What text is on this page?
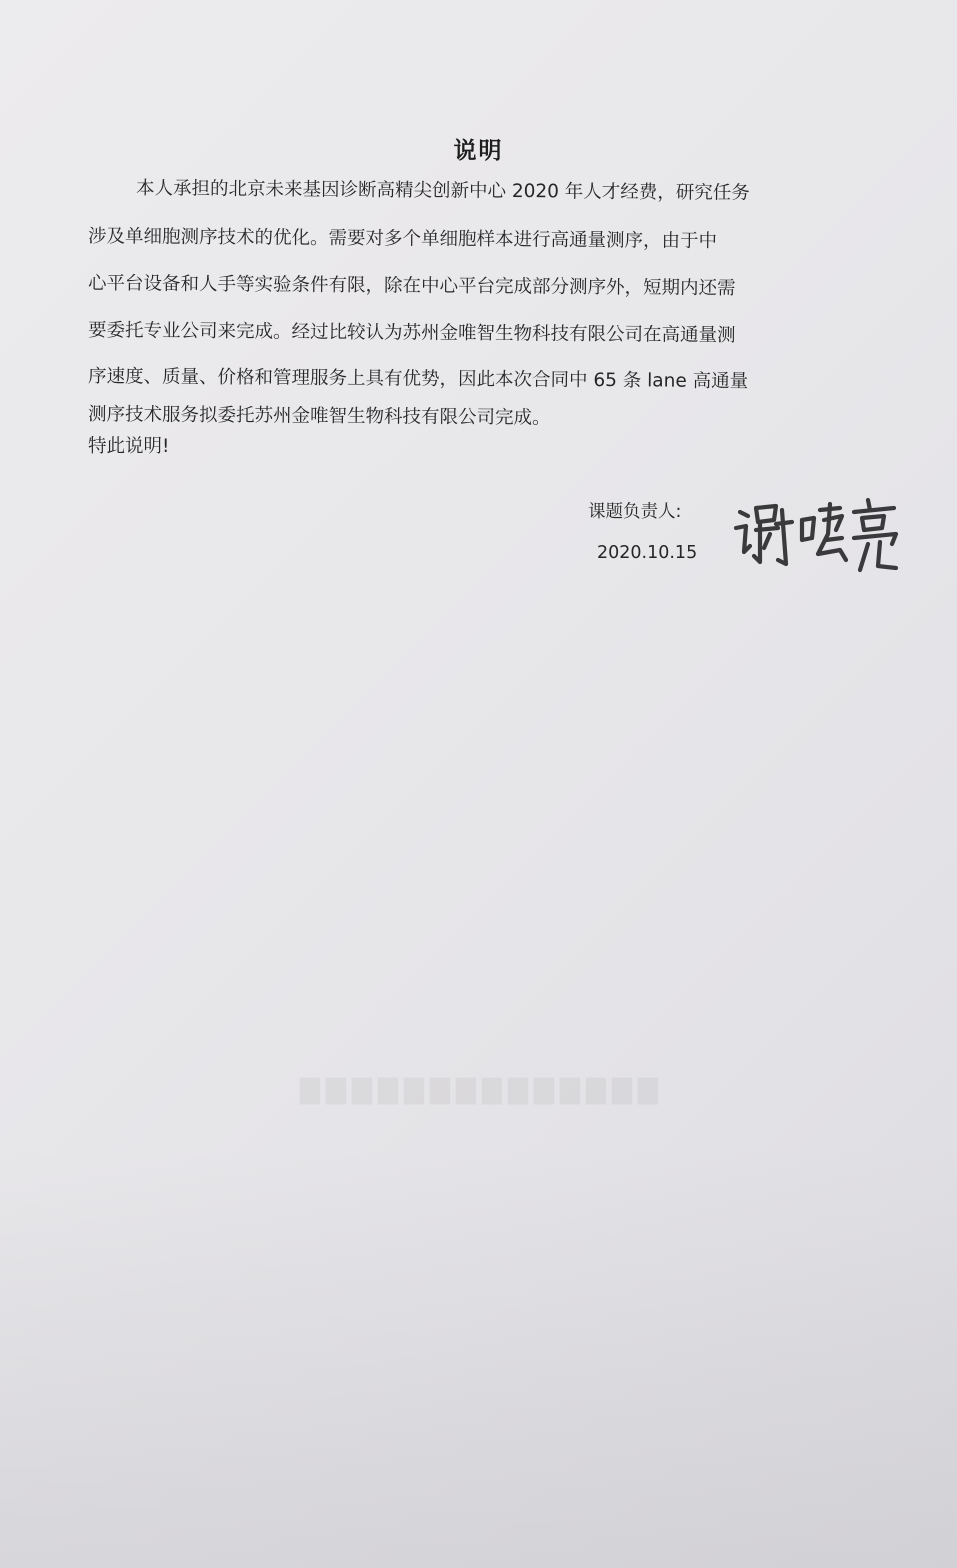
▇▇▇▇▇▇▇▇▇▇▇▇▇▇
说明
本人承担的北京未来基因诊断高精尖创新中心 2020 年人才经费，研究任务
涉及单细胞测序技术的优化。需要对多个单细胞样本进行高通量测序，由于中
心平台设备和人手等实验条件有限，除在中心平台完成部分测序外，短期内还需
要委托专业公司来完成。经过比较认为苏州金唯智生物科技有限公司在高通量测
序速度、质量、价格和管理服务上具有优势，因此本次合同中 65 条 lane 高通量
测序技术服务拟委托苏州金唯智生物科技有限公司完成。
特此说明!
课题负责人:
2020.10.15
